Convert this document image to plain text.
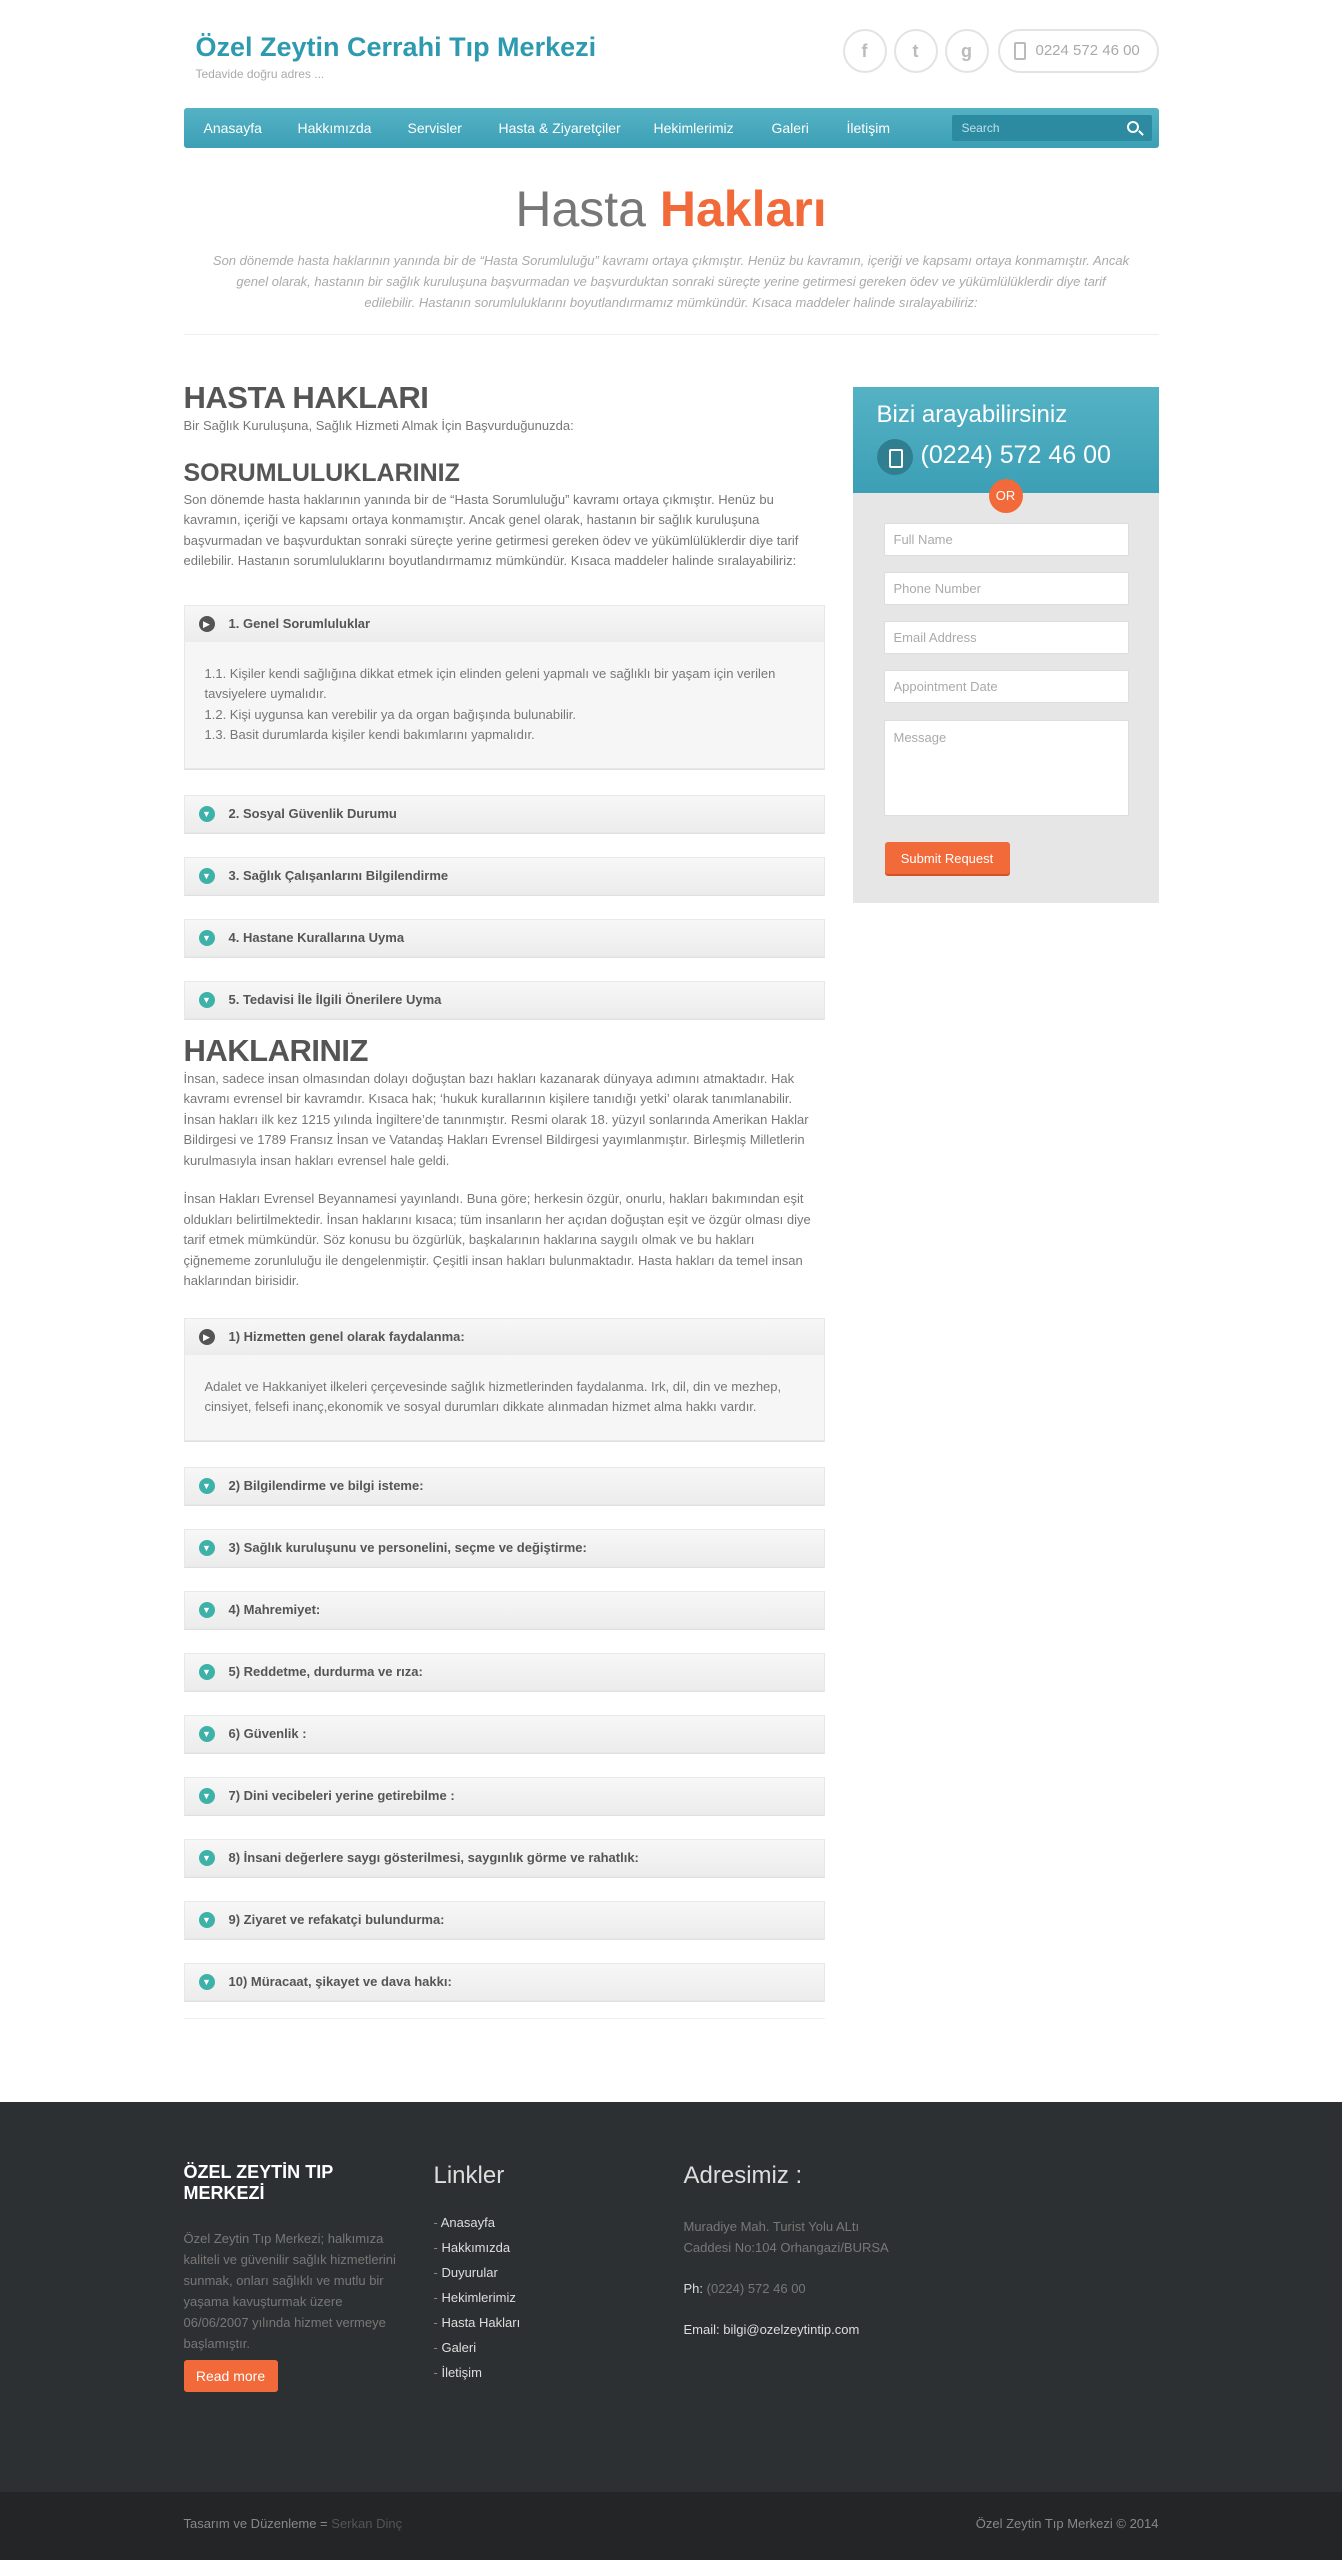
Özel Zeytin Cerrahi Tıp Merkezi
Tedavide doğru adres ...
f	t	g	0224 572 46 00
Anasayfa	Hakkımızda	Servisler	Hasta & Ziyaretçiler Hekimlerimiz	Galeri	İletişim
Search
Hasta Hakları
Son dönemde hasta haklarının yanında bir de “Hasta Sorumluluğu” kavramı ortaya çıkmıştır. Henüz bu kavramın, içeriği ve kapsamı ortaya konmamıştır. Ancak genel olarak, hastanın bir sağlık kuruluşuna başvurmadan ve başvurduktan sonraki süreçte yerine getirmesi gereken ödev ve yükümlülüklerdir diye tarif edilebilir. Hastanın sorumluluklarını boyutlandırmamız mümkündür. Kısaca maddeler halinde sıralayabiliriz:
HASTA HAKLARI
Bir Sağlık Kuruluşuna, Sağlık Hizmeti Almak İçin Başvurduğunuzda:
SORUMLULUKLARINIZ
Son dönemde hasta haklarının yanında bir de “Hasta Sorumluluğu” kavramı ortaya çıkmıştır. Henüz bu kavramın, içeriği ve kapsamı ortaya konmamıştır. Ancak genel olarak, hastanın bir sağlık kuruluşuna başvurmadan ve başvurduktan sonraki süreçte yerine getirmesi gereken ödev ve yükümlülüklerdir diye tarif edilebilir. Hastanın sorumluluklarını boyutlandırmamız mümkündür. Kısaca maddeler halinde sıralayabiliriz:
▶	1. Genel Sorumluluklar
1.1. Kişiler kendi sağlığına dikkat etmek için elinden geleni yapmalı ve sağlıklı bir yaşam için verilen tavsiyelere uymalıdır.
1.2. Kişi uygunsa kan verebilir ya da organ bağışında bulunabilir.
1.3. Basit durumlarda kişiler kendi bakımlarını yapmalıdır.
▼ 2. Sosyal Güvenlik Durumu
▼ 3. Sağlık Çalışanlarını Bilgilendirme
▼ 4. Hastane Kurallarına Uyma
▼ 5. Tedavisi İle İlgili Önerilere Uyma
HAKLARINIZ
İnsan, sadece insan olmasından dolayı doğuştan bazı hakları kazanarak dünyaya adımını atmaktadır. Hak kavramı evrensel bir kavramdır. Kısaca hak; ‘hukuk kurallarının kişilere tanıdığı yetki’ olarak tanımlanabilir. İnsan hakları ilk kez 1215 yılında İngiltere’de tanınmıştır. Resmi olarak 18. yüzyıl sonlarında Amerikan Haklar Bildirgesi ve 1789 Fransız İnsan ve Vatandaş Hakları Evrensel Bildirgesi yayımlanmıştır. Birleşmiş Milletlerin kurulmasıyla insan hakları evrensel hale geldi.
İnsan Hakları Evrensel Beyannamesi yayınlandı. Buna göre; herkesin özgür, onurlu, hakları bakımından eşit oldukları belirtilmektedir. İnsan haklarını kısaca; tüm insanların her açıdan doğuştan eşit ve özgür olması diye tarif etmek mümkündür. Söz konusu bu özgürlük, başkalarının haklarına saygılı olmak ve bu hakları çiğnememe zorunluluğu ile dengelenmiştir. Çeşitli insan hakları bulunmaktadır. Hasta hakları da temel insan haklarından birisidir.
▶	1) Hizmetten genel olarak faydalanma:
Adalet ve Hakkaniyet ilkeleri çerçevesinde sağlık hizmetlerinden faydalanma. Irk, dil, din ve mezhep, cinsiyet, felsefi inanç,ekonomik ve sosyal durumları dikkate alınmadan hizmet alma hakkı vardır.
▼ 2) Bilgilendirme ve bilgi isteme:
▼ 3) Sağlık kuruluşunu ve personelini, seçme ve değiştirme:
▼ 4) Mahremiyet:
▼ 5) Reddetme, durdurma ve rıza:
▼ 6) Güvenlik :
▼ 7) Dini vecibeleri yerine getirebilme :
▼ 8) İnsani değerlere saygı gösterilmesi, saygınlık görme ve rahatlık:
▼ 9) Ziyaret ve refakatçi bulundurma:
▼ 10) Müracaat, şikayet ve dava hakkı:
Bizi arayabilirsiniz
(0224) 572 46 00
OR
Full Name
Phone Number
Email Address
Appointment Date
Message
Submit Request
ÖZEL ZEYTİN TIP MERKEZİ
Özel Zeytin Tıp Merkezi; halkımıza kaliteli ve güvenilir sağlık hizmetlerini sunmak, onları sağlıklı ve mutlu bir yaşama kavuşturmak üzere 06/06/2007 yılında hizmet vermeye başlamıştır.
Read more
Linkler
- Anasayfa
- Hakkımızda
- Duyurular
- Hekimlerimiz
- Hasta Hakları
- Galeri
- İletişim
Adresimiz :
Muradiye Mah. Turist Yolu ALtı Caddesi No:104 Orhangazi/BURSA
Ph: (0224) 572 46 00
Email: bilgi@ozelzeytintip.com
Tasarım ve Düzenleme = Serkan Dinç	Özel Zeytin Tıp Merkezi © 2014
